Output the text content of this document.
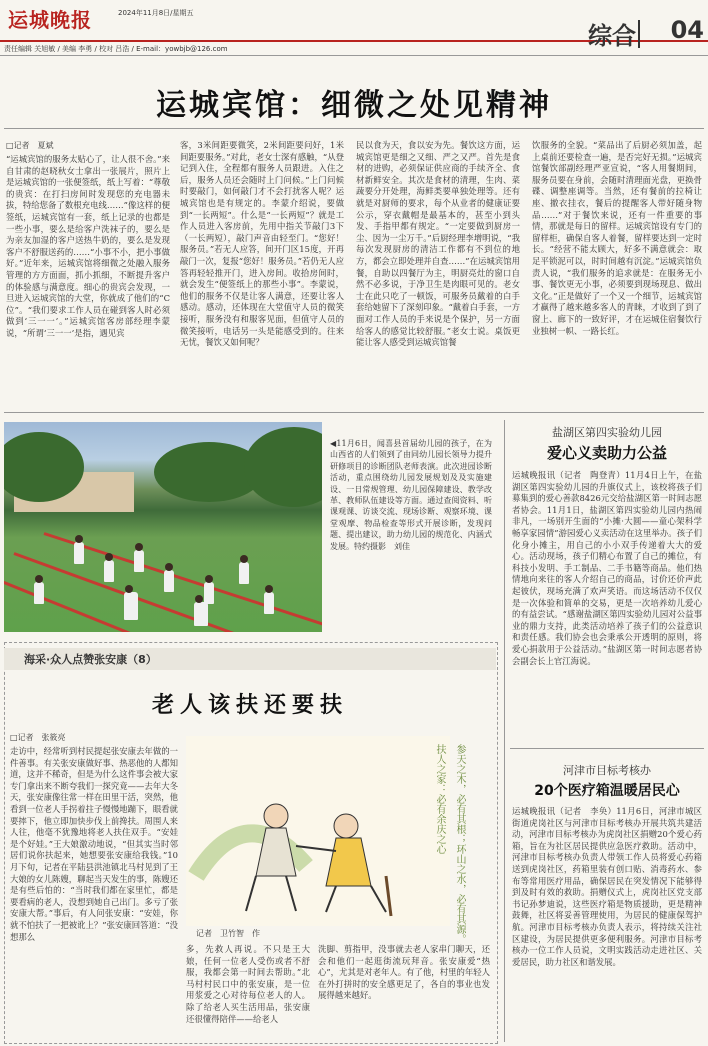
运城晚报	2024年11月8日/星期五
责任编辑 关旭敏 / 美编 李勇 / 校对 吕浩 / E-mail：yowbjb@126.com	综合 04
运城宾馆：细微之处见精神
□记者　夏斌
“运城宾馆的服务太贴心了，让人很不舍。”来自甘肃的赵晓秋女士拿出一张展片，照片上是运城宾馆的一张便签纸，纸上写着：“尊敬的贵宾：在打扫房间时发现您的充电器未拔，特给您备了数根充电线……”像这样的便签纸，运城宾馆有一套，纸上记录的也都是一些小事，要么是给客户洗袜子的，要么是为亲友加湿的客户送热牛奶的，要么是发现客户不舒服送药的……“小事不小，把小事做好。”近年来，运城宾馆将细微之处融入服务管理的方方面面，抓小抓细，不断提升客户的体验感与满意度。细心的贵宾会发现，一旦进入运城宾馆的大堂，你就成了他们的“C位”。“我们要求工作人员在碰到客人时必须做到‘三一一’。”运城宾馆客房部经理李蒙说，“所谓‘三一一’是指，遇见宾
客，3米间距要微笑，2米间距要问好，1米间距要服务。”对此，老女士深有感触，“从登记到入住，全程都有服务人员跟进。入住之后，服务人员还会随时上门问候。”上门问候时要敲门，如何敲门才不会打扰客人呢？运城宾馆也是有规定的。李蒙介绍说，要做到“一长两短”。什么是“一长两短”？就是工作人员进入客房前，先用中指关节敲门3下（一长两短），敲门声音由轻至门。“您好！服务员。”若无人应答，间开门区15度，开再敲门一次，复报“您好！服务员。”若仍无人应答再轻轻推开门，进入房间。收拾房间时，就会发生“便签纸上的那些小事”。李蒙说，他们的服务不仅是让客人满意，还要让客人感动。感动，还体现在大堂值守人员的微笑接听，服务没有和服客见面，但值守人员的微笑接听，电话另一头是能感受到的。往来无忧，餐饮又如何呢？
民以食为天，食以安为先。餐饮这方面，运城宾馆更是细之又细、严之又严。首先是食材的进购，必须保证供应商的手续齐全、食材新鲜安全。其次是食材的清理，生肉、菜蔬要分开处理，海鲜类要单独处理等。还有就是对厨师的要求，每个从业者的健康证要公示，穿衣戴帽是最基本的，甚至小到头发、手指甲都有规定。“一定要做到厨房一尘、因为一尘万千。”后厨经理李增明说，“我每次发现厨房的清洁工作都有不到位的地方，都会立即处理并自查……”在运城宾馆用餐，自助以四餐厅为主，明厨亮灶的窗口自然不必多说，于净卫生是肉眼可见的。老女士在此只吃了一顿饭，可服务员戴着的白手套给她留下了深刻印象。“戴着白手套，一方面对工作人员的手来说是个保护，另一方面给客人的感觉比较舒服。”老女士说。桌饭更能让客人感受到运城宾馆餐
饮服务的全貌。“菜品出了后厨必须加盖，起上桌前还要检查一遍，是否完好无损。”运城宾馆餐饮部副经理严亚宣说，“客人用餐期间，服务员要在身前，会随时清理面光盘，更换骨碟、调整座调等。当然，还有餐前的拉椅让座、撤衣挂衣，餐后的提醒客人带好随身物品……”对于餐饮来说，还有一件重要的事情，那就是每日的留样。运城宾馆设有专门的留样柜，确保自客人着餐，留样要达到一定时长。“经营不能太顾大，好多不满意就会：取足平锁泥可以，时时间越有沉淀。”运城宾馆负责人说，“我们服务的追求就是：在服务无小事、餐饮更无小事，必须要到现场现息、做出文化。”正是做好了一个又一个细节，运城宾馆才赢得了越来越多客人的青睐，才收到了到了窗上、廊下的一致好评，才在运城住宿餐饮行业独树一帜、一路长红。
◀11月6日，闻喜县首届幼儿园的孩子，在为山西省的人们领到了由同幼儿园长领导力提升研修项目的诊断团队老师表演。此次进园诊断活动，重点围绕幼儿园发展规划及及实施建设、一日常规管理、幼儿园保障建设、教学改革、教师队伍建设等方面。通过查阅资料、听课观课、访谈交流、现场诊断、观察环境、课堂观摩、物品检查等形式开展诊断，发现问题、提出建议，助力幼儿园的规范化、内涵式发展。特约摄影　刘佳
海采·众人点赞张安康（8）
老人该扶还要扶
□记者　张筱亮
走访中，经常听到村民提起张安康去年做的一件善事。有关张安康做好事、热恶他的人都知道，这并不稀奇，但是为什么这件事会被大家专门拿出来不断夸我们一探究竟——去年大冬天，张安康像往常一样在田里干活，突然，他看到一位老人手拐着拄子慢慢地蹦下，眼看就要摔下，他立即加快步伐上前搀扶。周围人来人往，他毫不犹豫地将老人扶住双手。“安娃是个好娃。”王大娘激动地说，“但其实当时邻居们说你扶起来，她想要张安康给我钱。”10月下旬，记者在平陆县洪池镇北马村见到了王大娘的女儿陈嫂，聊起当天发生的事，陈嫂还是有些后怕的：“当时我们都在家里忙，都是要看病的老人，没想到她自己出门。多亏了张安康大帮。”事后，有人问张安康：“安娃，你就不怕扶了一把被讹上？”张安康回答道：“没想那么	记者　卫竹智　作	参天之木，必有其根；环山之水，必有其源。
扶人之家：必有余庆之心
多，先救人再说。不只是王大娘，任何一位老人受伤或者不舒服，我都会第一时间去帮助。”北马村村民口中的张安康，是一位用浆爱之心对待每位老人的人。除了给老人买生活用品，张安康还很懂得陪伴——给老人
洗脚、剪指甲，没事就去老人家串门聊天，还会和他们一起逛街流玩拜音。张安康爱“热心”，尤其是对老年人。有了他，村里的年轻人在外打拼时的安全感更足了，各自的事业也发展得越来越好。
盐湖区第四实验幼儿园
爱心义卖助力公益
运城晚报讯（记者　陶登青）11月4日上午，在盐湖区第四实验幼儿园的升旗仪式上，该校将孩子们募集到的爱心善款8426元交给盐湖区第一时间志愿者协会。11月1日，盐湖区第四实验幼儿园内热闹非凡，一场别开生面的“小摊·大圆——童心架科学　畅享家园情”游园爱心义卖活动在这里举办。孩子们化身小摊主，用自己的小小双手传递着大大的爱心。活动现场，孩子们精心布置了自己的摊位，有科技小发明、手工制品、二手书籍等商品。他们热情地向来往的客人介绍自己的商品，讨价还价声此起彼伏，现场充满了欢声笑语。而这场活动不仅仅是一次体验和简单的交易，更是一次培养幼儿爱心的有益尝试。“感谢盐湖区第四实验幼儿园对公益事业的鼎力支持，此类活动培养了孩子们的公益意识和责任感。我们协会也会秉承公开透明的原则，将爱心捐款用于公益活动。”盐湖区第一时间志愿者协会副会长上官江海说。
河津市目标考核办
20个医疗箱温暖居民心
运城晚报讯（记者　李奂）11月6日，河津市城区街道虎岗社区与河津市目标考核办开展共筑共建活动，河津市目标考核办为虎岗社区捐赠20个爱心药箱，旨在为社区居民提供应急医疗救助。活动中，河津市目标考核办负责人带领工作人员将爱心药箱送到虎岗社区，药箱里装有创口贴、消毒药水、参布等常用医疗用品，确保居民在突发情况下能够得到及时有效的救助。捐赠仪式上，虎岗社区党支部书记孙梦迪说，这些医疗箱是物质援助，更是精神鼓舞，社区将妥善管理使用，为居民的健康保驾护航。河津市目标考核办负责人表示，将持续关注社区建设，为居民提供更多便利服务。河津市目标考核办一位工作人员说，文明实践活动走进社区、关爱居民，助力社区和谐发展。
